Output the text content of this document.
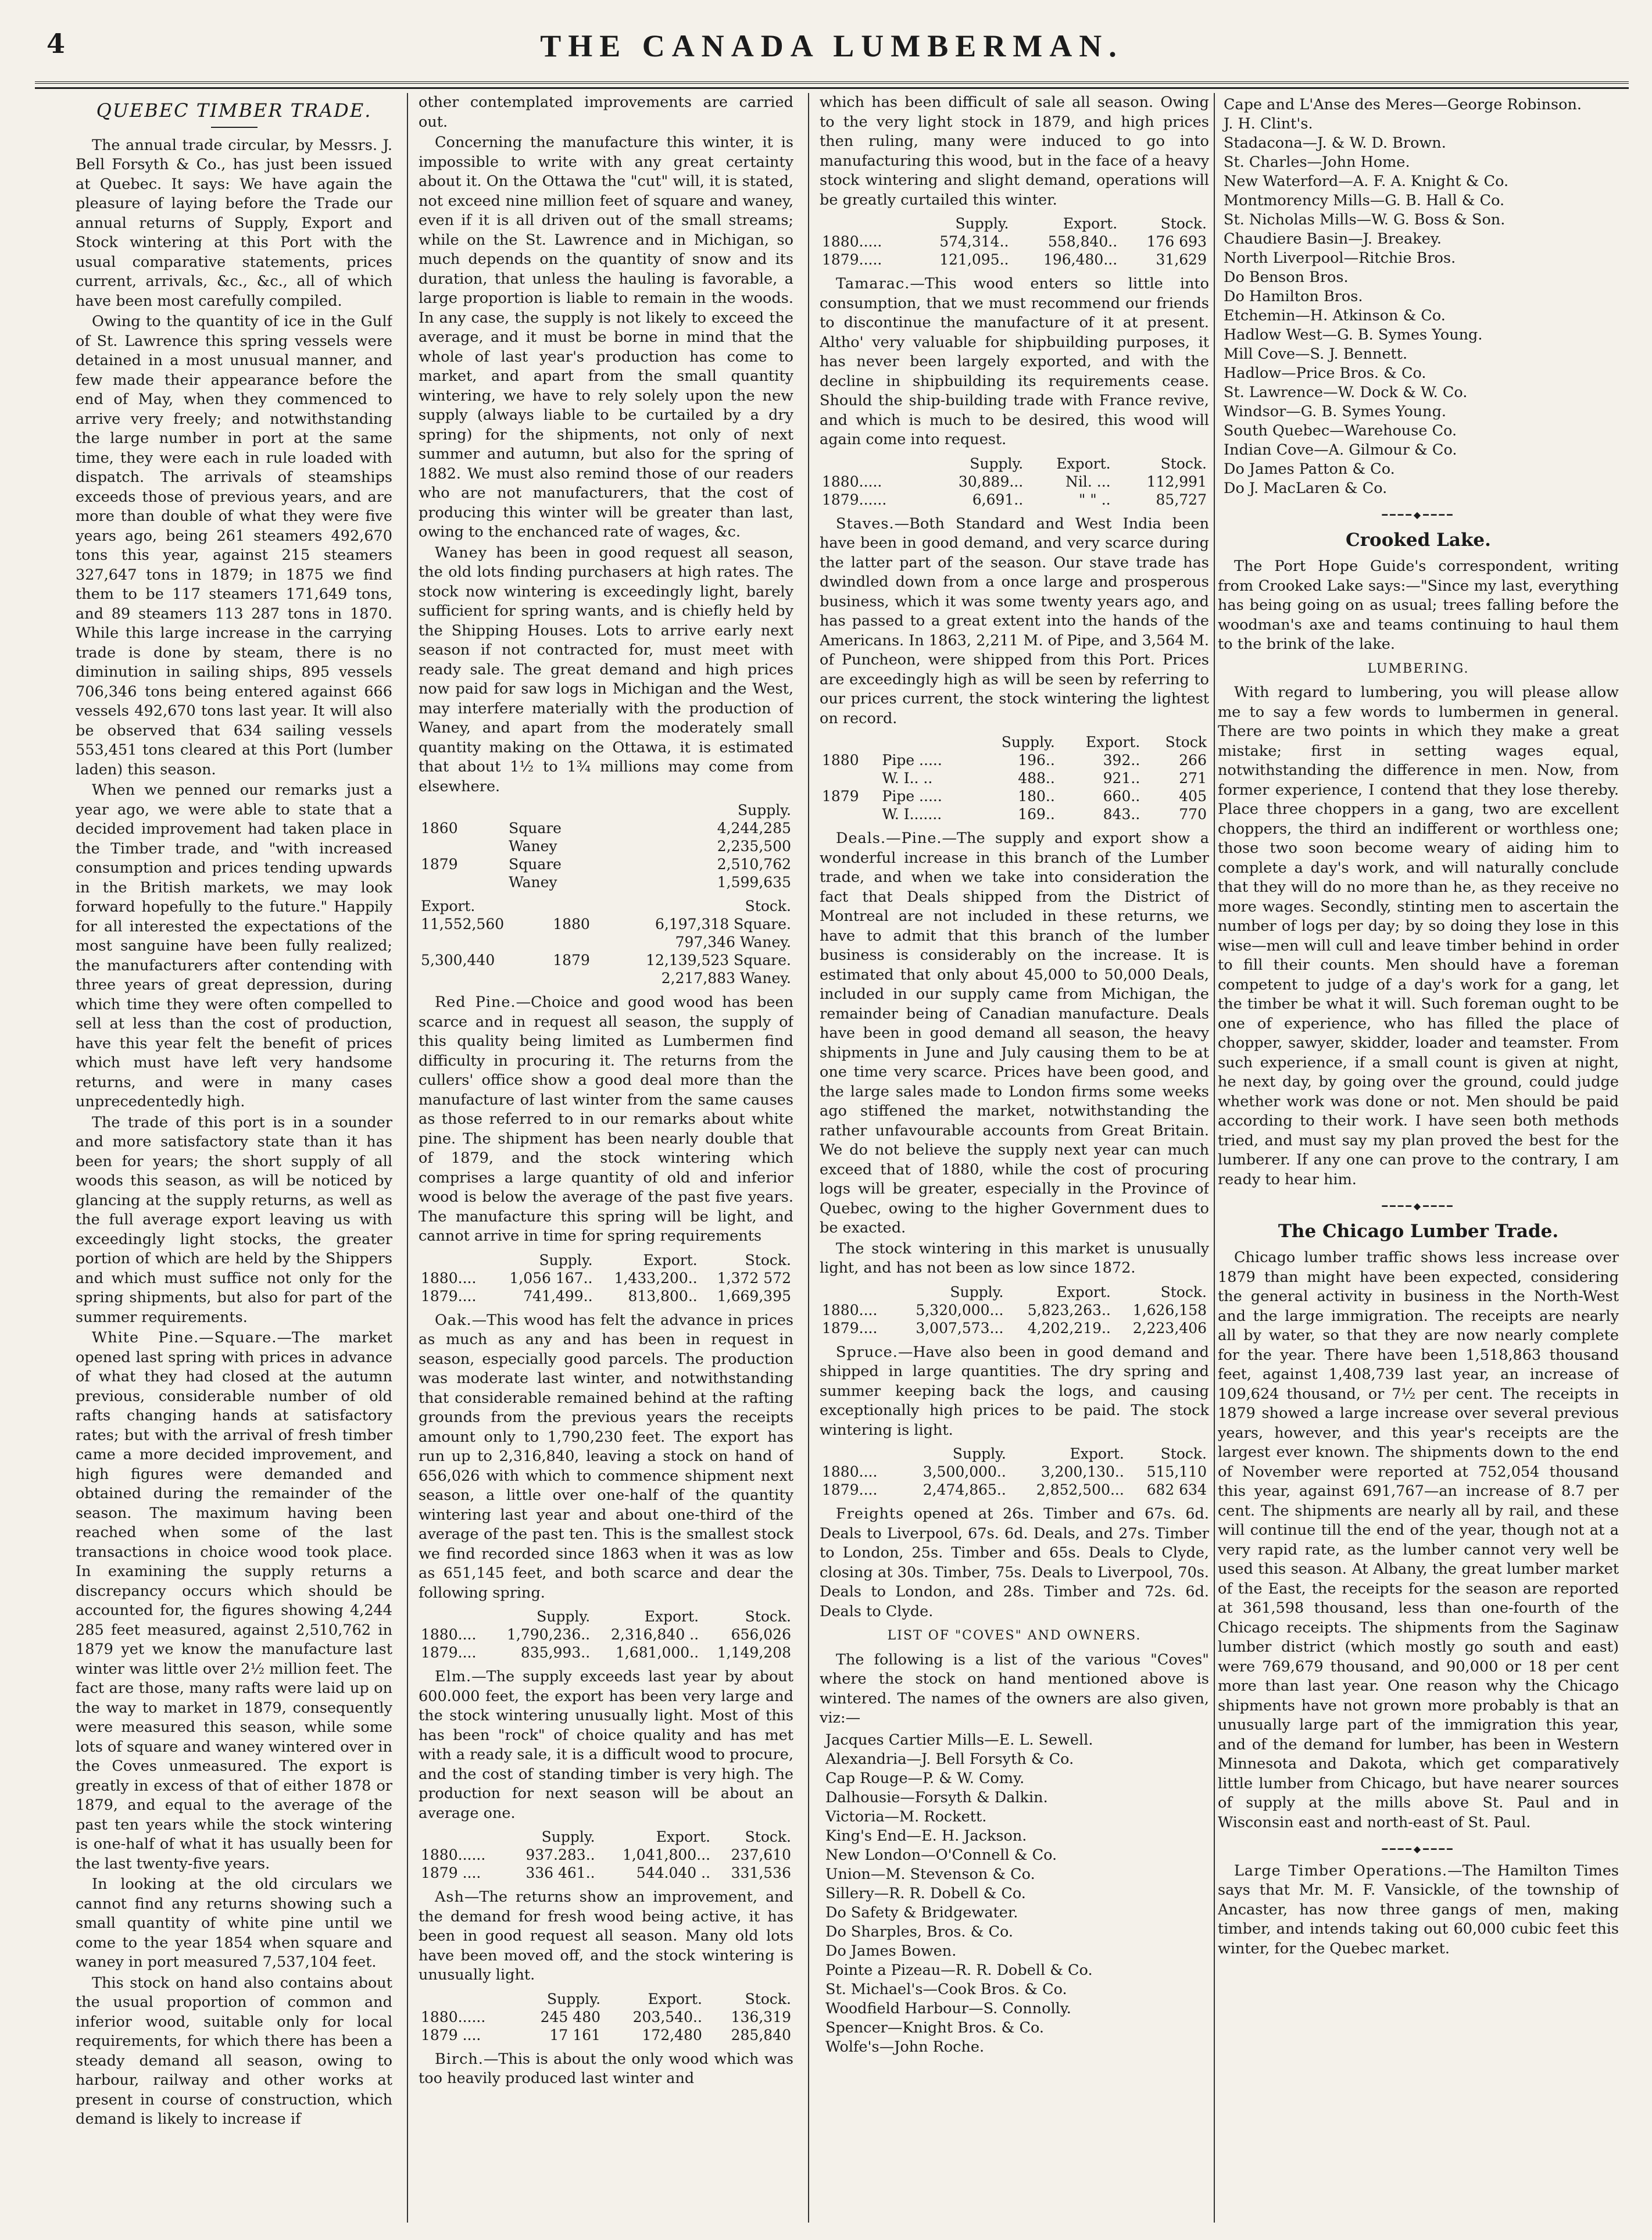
4	THE CANADA LUMBERMAN.
QUEBEC TIMBER TRADE.

The annual trade circular, by Messrs. J. Bell Forsyth & Co., has just been issued at Quebec. It says: We have again the pleasure of laying before the Trade our annual returns of Supply, Export and Stock wintering at this Port with the usual comparative statements, prices current, arrivals, &c., &c., all of which have been most carefully compiled.

Owing to the quantity of ice in the Gulf of St. Lawrence this spring vessels were detained in a most unusual manner, and few made their appearance before the end of May, when they commenced to arrive very freely; and notwithstanding the large number in port at the same time, they were each in rule loaded with dispatch. The arrivals of steamships exceeds those of previous years, and are more than double of what they were five years ago, being 261 steamers 492,670 tons this year, against 215 steamers 327,647 tons in 1879; in 1875 we find them to be 117 steamers 171,649 tons, and 89 steamers 113 287 tons in 1870. While this large increase in the carrying trade is done by steam, there is no diminution in sailing ships, 895 vessels 706,346 tons being entered against 666 vessels 492,670 tons last year. It will also be observed that 634 sailing vessels 553,451 tons cleared at this Port (lumber laden) this season.

When we penned our remarks just a year ago, we were able to state that a decided improvement had taken place in the Timber trade, and "with increased consumption and prices tending upwards in the British markets, we may look forward hopefully to the future." Happily for all interested the expectations of the most sanguine have been fully realized; the manufacturers after contending with three years of great depression, during which time they were often compelled to sell at less than the cost of production, have this year felt the benefit of prices which must have left very handsome returns, and were in many cases unprecedentedly high.

The trade of this port is in a sounder and more satisfactory state than it has been for years; the short supply of all woods this season, as will be noticed by glancing at the supply returns, as well as the full average export leaving us with exceedingly light stocks, the greater portion of which are held by the Shippers and which must suffice not only for the spring shipments, but also for part of the summer requirements.

White Pine.—Square.—The market opened last spring with prices in advance of what they had closed at the autumn previous, considerable number of old rafts changing hands at satisfactory rates; but with the arrival of fresh timber came a more decided improvement, and high figures were demanded and obtained during the remainder of the season. The maximum having been reached when some of the last transactions in choice wood took place. In examining the supply returns a discrepancy occurs which should be accounted for, the figures showing 4,244 285 feet measured, against 2,510,762 in 1879 yet we know the manufacture last winter was little over 2½ million feet. The fact are those, many rafts were laid up on the way to market in 1879, consequently were measured this season, while some lots of square and waney wintered over in the Coves unmeasured. The export is greatly in excess of that of either 1878 or 1879, and equal to the average of the past ten years while the stock wintering is one-half of what it has usually been for the last twenty-five years.

In looking at the old circulars we cannot find any returns showing such a small quantity of white pine until we come to the year 1854 when square and waney in port measured 7,537,104 feet.

This stock on hand also contains about the usual proportion of common and inferior wood, suitable only for local requirements, for which there has been a steady demand all season, owing to harbour, railway and other works at present in course of construction, which demand is likely to increase if

other contemplated improvements are carried out.

Concerning the manufacture this winter, it is impossible to write with any great certainty about it. On the Ottawa the "cut" will, it is stated, not exceed nine million feet of square and waney, even if it is all driven out of the small streams; while on the St. Lawrence and in Michigan, so much depends on the quantity of snow and its duration, that unless the hauling is favorable, a large proportion is liable to remain in the woods. In any case, the supply is not likely to exceed the average, and it must be borne in mind that the whole of last year's production has come to market, and apart from the small quantity wintering, we have to rely solely upon the new supply (always liable to be curtailed by a dry spring) for the shipments, not only of next summer and autumn, but also for the spring of 1882. We must also remind those of our readers who are not manufacturers, that the cost of producing this winter will be greater than last, owing to the enchanced rate of wages, &c.

Waney has been in good request all season, the old lots finding purchasers at high rates. The stock now wintering is exceedingly light, barely sufficient for spring wants, and is chiefly held by the Shipping Houses. Lots to arrive early next season if not contracted for, must meet with ready sale. The great demand and high prices now paid for saw logs in Michigan and the West, may interfere materially with the production of Waney, and apart from the moderately small quantity making on the Ottawa, it is estimated that about 1½ to 1¾ millions may come from elsewhere.

		Supply.
1860	Square	4,244,285
	Waney	2,235,500
1879	Square	2,510,762
	Waney	1,599,635
Export.		Stock.
11,552,560	1880	6,197,318 Square.
		797,346 Waney.
5,300,440	1879	12,139,523 Square.
		2,217,883 Waney.

Red Pine.—Choice and good wood has been scarce and in request all season, the supply of this quality being limited as Lumbermen find difficulty in procuring it. The returns from the cullers' office show a good deal more than the manufacture of last winter from the same causes as those referred to in our remarks about white pine. The shipment has been nearly double that of 1879, and the stock wintering which comprises a large quantity of old and inferior wood is below the average of the past five years. The manufacture this spring will be light, and cannot arrive in time for spring requirements

	Supply.	Export.	Stock.
1880....	1,056 167..	1,433,200..	1,372 572
1879....	741,499..	813,800..	1,669,395

Oak.—This wood has felt the advance in prices as much as any and has been in request in season, especially good parcels. The production was moderate last winter, and notwithstanding that considerable remained behind at the rafting grounds from the previous years the receipts amount only to 1,790,230 feet. The export has run up to 2,316,840, leaving a stock on hand of 656,026 with which to commence shipment next season, a little over one-half of the quantity wintering last year and about one-third of the average of the past ten. This is the smallest stock we find recorded since 1863 when it was as low as 651,145 feet, and both scarce and dear the following spring.

	Supply.	Export.	Stock.
1880....	1,790,236..	2,316,840 ..	656,026
1879....	835,993..	1,681,000..	1,149,208

Elm.—The supply exceeds last year by about 600.000 feet, the export has been very large and the stock wintering unusually light. Most of this has been "rock" of choice quality and has met with a ready sale, it is a difficult wood to procure, and the cost of standing timber is very high. The production for next season will be about an average one.

	Supply.	Export.	Stock.
1880......	937.283..	1,041,800...	237,610
1879 ....	336 461..	544.040 ..	331,536

Ash—The returns show an improvement, and the demand for fresh wood being active, it has been in good request all season. Many old lots have been moved off, and the stock wintering is unusually light.

	Supply.	Export.	Stock.
1880......	245 480	203,540..	136,319
1879 ....	17 161	172,480	285,840

Birch.—This is about the only wood which was too heavily produced last winter and

which has been difficult of sale all season. Owing to the very light stock in 1879, and high prices then ruling, many were induced to go into manufacturing this wood, but in the face of a heavy stock wintering and slight demand, operations will be greatly curtailed this winter.

	Supply.	Export.	Stock.
1880.....	574,314..	558,840..	176 693
1879.....	121,095..	196,480...	31,629

Tamarac.—This wood enters so little into consumption, that we must recommend our friends to discontinue the manufacture of it at present. Altho' very valuable for shipbuilding purposes, it has never been largely exported, and with the decline in shipbuilding its requirements cease. Should the ship-building trade with France revive, and which is much to be desired, this wood will again come into request.

	Supply.	Export.	Stock.
1880.....	30,889...	Nil. ...	112,991
1879......	6,691..	" " ..	85,727

Staves.—Both Standard and West India been have been in good demand, and very scarce during the latter part of the season. Our stave trade has dwindled down from a once large and prosperous business, which it was some twenty years ago, and has passed to a great extent into the hands of the Americans. In 1863, 2,211 M. of Pipe, and 3,564 M. of Puncheon, were shipped from this Port. Prices are exceedingly high as will be seen by referring to our prices current, the stock wintering the lightest on record.

		Supply.	Export.	Stock
1880	Pipe .....	196..	392..	266
	W. I.. ..	488..	921..	271
1879	Pipe .....	180..	660..	405
	W. I.......	169..	843..	770

Deals.—Pine.—The supply and export show a wonderful increase in this branch of the Lumber trade, and when we take into consideration the fact that Deals shipped from the District of Montreal are not included in these returns, we have to admit that this branch of the lumber business is considerably on the increase. It is estimated that only about 45,000 to 50,000 Deals, included in our supply came from Michigan, the remainder being of Canadian manufacture. Deals have been in good demand all season, the heavy shipments in June and July causing them to be at one time very scarce. Prices have been good, and the large sales made to London firms some weeks ago stiffened the market, notwithstanding the rather unfavourable accounts from Great Britain. We do not believe the supply next year can much exceed that of 1880, while the cost of procuring logs will be greater, especially in the Province of Quebec, owing to the higher Government dues to be exacted.

The stock wintering in this market is unusually light, and has not been as low since 1872.

	Supply.	Export.	Stock.
1880....	5,320,000...	5,823,263..	1,626,158
1879....	3,007,573...	4,202,219..	2,223,406

Spruce.—Have also been in good demand and shipped in large quantities. The dry spring and summer keeping back the logs, and causing exceptionally high prices to be paid. The stock wintering is light.

	Supply.	Export.	Stock.
1880....	3,500,000..	3,200,130..	515,110
1879....	2,474,865..	2,852,500...	682 634

Freights opened at 26s. Timber and 67s. 6d. Deals to Liverpool, 67s. 6d. Deals, and 27s. Timber to London, 25s. Timber and 65s. Deals to Clyde, closing at 30s. Timber, 75s. Deals to Liverpool, 70s. Deals to London, and 28s. Timber and 72s. 6d. Deals to Clyde.

LIST OF "COVES" AND OWNERS.

The following is a list of the various "Coves" where the stock on hand mentioned above is wintered. The names of the owners are also given, viz:—

Jacques Cartier Mills—E. L. Sewell.
Alexandria—J. Bell Forsyth & Co.
Cap Rouge—P. & W. Comy.
Dalhousie—Forsyth & Dalkin.
Victoria—M. Rockett.
King's End—E. H. Jackson.
New London—O'Connell & Co.
Union—M. Stevenson & Co.
Sillery—R. R. Dobell & Co.
Do Safety & Bridgewater.
Do Sharples, Bros. & Co.
Do James Bowen.
Pointe a Pizeau—R. R. Dobell & Co.
St. Michael's—Cook Bros. & Co.
Woodfield Harbour—S. Connolly.
Spencer—Knight Bros. & Co.
Wolfe's—John Roche.
Cape and L'Anse des Meres—George Robinson.
J. H. Clint's.
Stadacona—J. & W. D. Brown.
St. Charles—John Home.
New Waterford—A. F. A. Knight & Co.
Montmorency Mills—G. B. Hall & Co.
St. Nicholas Mills—W. G. Boss & Son.
Chaudiere Basin—J. Breakey.
North Liverpool—Ritchie Bros.
Do Benson Bros.
Do Hamilton Bros.
Etchemin—H. Atkinson & Co.
Hadlow West—G. B. Symes Young.
Mill Cove—S. J. Bennett.
Hadlow—Price Bros. & Co.
St. Lawrence—W. Dock & W. Co.
Windsor—G. B. Symes Young.
South Quebec—Warehouse Co.
Indian Cove—A. Gilmour & Co.
Do James Patton & Co.
Do J. MacLaren & Co.
━━━━◆━━━━
Crooked Lake.

The Port Hope Guide's correspondent, writing from Crooked Lake says:—"Since my last, everything has being going on as usual; trees falling before the woodman's axe and teams continuing to haul them to the brink of the lake.

LUMBERING.

With regard to lumbering, you will please allow me to say a few words to lumbermen in general. There are two points in which they make a great mistake; first in setting wages equal, notwithstanding the difference in men. Now, from former experience, I contend that they lose thereby. Place three choppers in a gang, two are excellent choppers, the third an indifferent or worthless one; those two soon become weary of aiding him to complete a day's work, and will naturally conclude that they will do no more than he, as they receive no more wages. Secondly, stinting men to ascertain the number of logs per day; by so doing they lose in this wise—men will cull and leave timber behind in order to fill their counts. Men should have a foreman competent to judge of a day's work for a gang, let the timber be what it will. Such foreman ought to be one of experience, who has filled the place of chopper, sawyer, skidder, loader and teamster. From such experience, if a small count is given at night, he next day, by going over the ground, could judge whether work was done or not. Men should be paid according to their work. I have seen both methods tried, and must say my plan proved the best for the lumberer. If any one can prove to the contrary, I am ready to hear him.

━━━━◆━━━━
The Chicago Lumber Trade.

Chicago lumber traffic shows less increase over 1879 than might have been expected, considering the general activity in business in the North-West and the large immigration. The receipts are nearly all by water, so that they are now nearly complete for the year. There have been 1,518,863 thousand feet, against 1,408,739 last year, an increase of 109,624 thousand, or 7½ per cent. The receipts in 1879 showed a large increase over several previous years, however, and this year's receipts are the largest ever known. The shipments down to the end of November were reported at 752,054 thousand this year, against 691,767—an increase of 8.7 per cent. The shipments are nearly all by rail, and these will continue till the end of the year, though not at a very rapid rate, as the lumber cannot very well be used this season. At Albany, the great lumber market of the East, the receipts for the season are reported at 361,598 thousand, less than one-fourth of the Chicago receipts. The shipments from the Saginaw lumber district (which mostly go south and east) were 769,679 thousand, and 90,000 or 18 per cent more than last year. One reason why the Chicago shipments have not grown more probably is that an unusually large part of the immigration this year, and of the demand for lumber, has been in Western Minnesota and Dakota, which get comparatively little lumber from Chicago, but have nearer sources of supply at the mills above St. Paul and in Wisconsin east and north-east of St. Paul.

━━━━◆━━━━

Large Timber Operations.—The Hamilton Times says that Mr. M. F. Vansickle, of the township of Ancaster, has now three gangs of men, making timber, and intends taking out 60,000 cubic feet this winter, for the Quebec market.
